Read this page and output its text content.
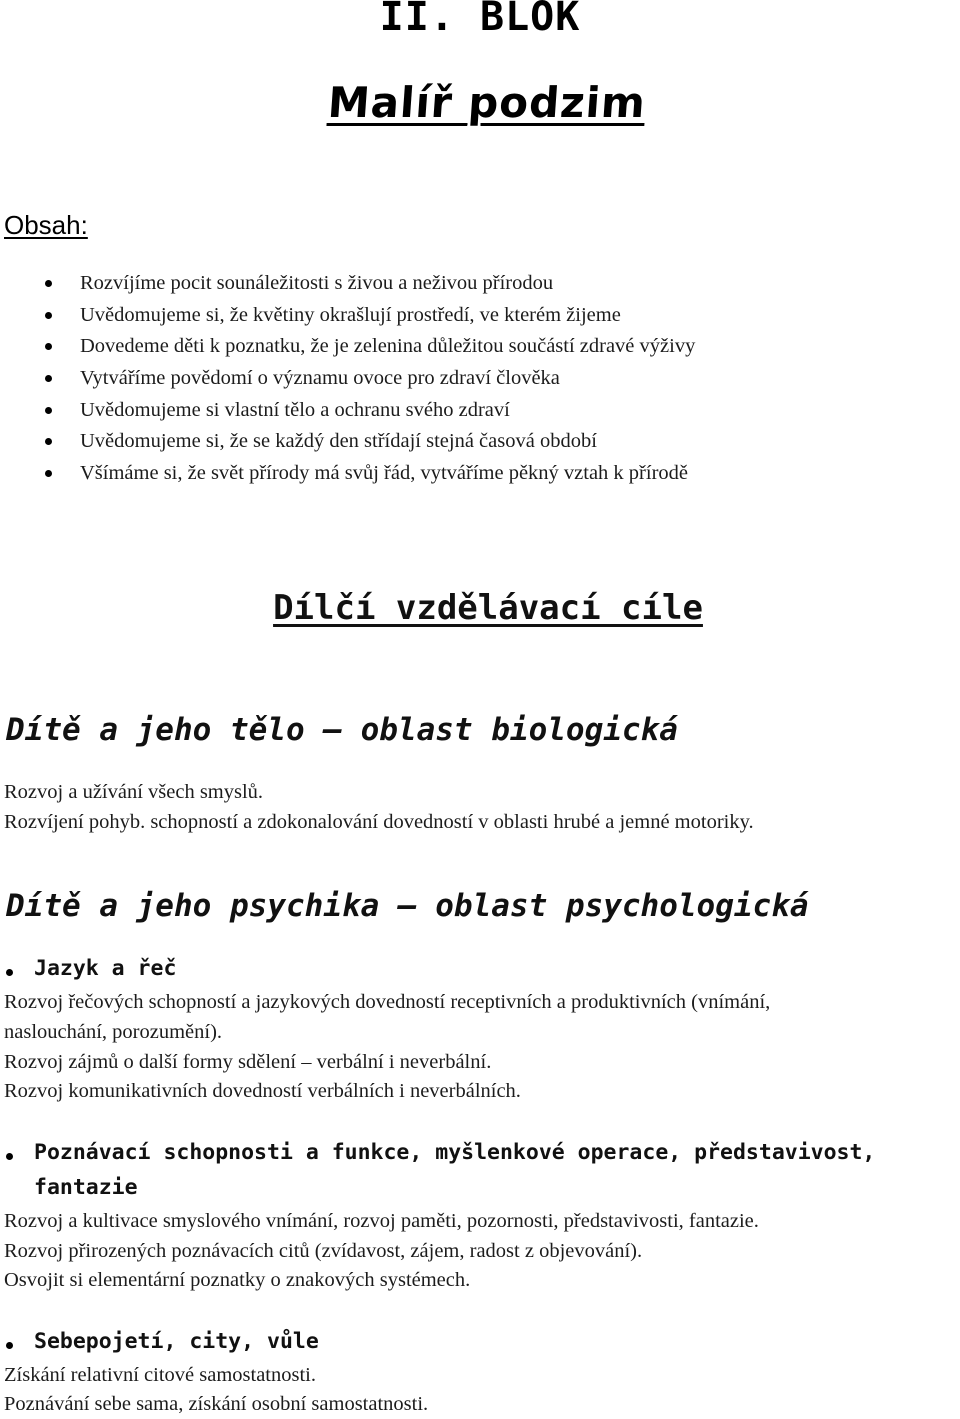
II. BLOK
Malíř podzim
Obsah:
Rozvíjíme pocit sounáležitosti s živou a neživou přírodou
Uvědomujeme si, že květiny okrašlují prostředí, ve kterém žijeme
Dovedeme děti k poznatku, že je zelenina důležitou součástí zdravé výživy
Vytváříme povědomí o významu ovoce pro zdraví člověka
Uvědomujeme si vlastní tělo a ochranu svého zdraví
Uvědomujeme si, že se každý den střídají stejná časová období
Všímáme si, že svět přírody má svůj řád, vytváříme pěkný vztah k přírodě
Dílčí vzdělávací cíle
Dítě a jeho tělo – oblast biologická
Rozvoj a užívání všech smyslů.
Rozvíjení pohyb. schopností a zdokonalování dovedností v oblasti hrubé a jemné motoriky.
Dítě a jeho psychika – oblast psychologická
Jazyk a řeč
Rozvoj řečových schopností a jazykových dovedností receptivních a produktivních (vnímání,
naslouchání, porozumění).
Rozvoj zájmů o další formy sdělení – verbální i neverbální.
Rozvoj komunikativních dovedností verbálních i neverbálních.
Poznávací schopnosti a funkce, myšlenkové operace, představivost,
fantazie
Rozvoj a kultivace smyslového vnímání, rozvoj paměti, pozornosti, představivosti, fantazie.
Rozvoj přirozených poznávacích citů (zvídavost, zájem, radost z objevování).
Osvojit si elementární poznatky o znakových systémech.
Sebepojetí, city, vůle
Získání relativní citové samostatnosti.
Poznávání sebe sama, získání osobní samostatnosti.
